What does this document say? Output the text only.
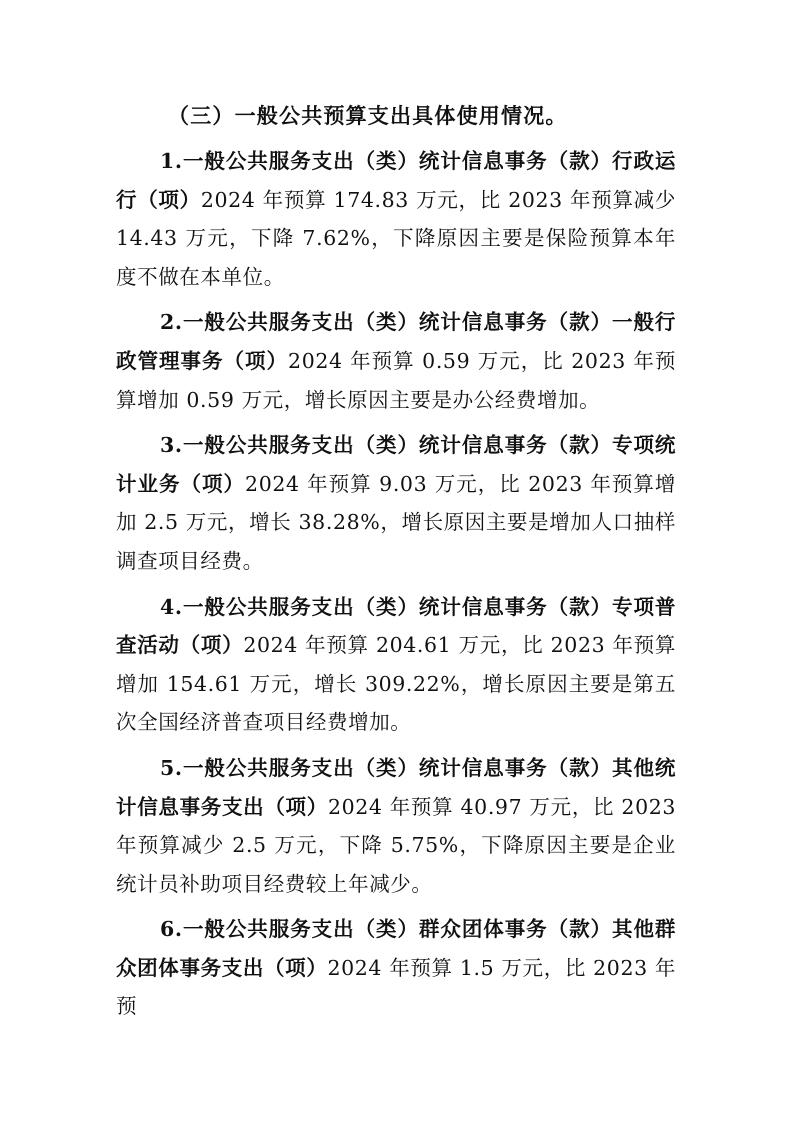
（三）一般公共预算支出具体使用情况。

1.一般公共服务支出（类）统计信息事务（款）行政运行（项）2024 年预算 174.83 万元，比 2023 年预算减少 14.43 万元，下降 7.62%，下降原因主要是保险预算本年度不做在本单位。

2.一般公共服务支出（类）统计信息事务（款）一般行政管理事务（项）2024 年预算 0.59 万元，比 2023 年预算增加 0.59 万元，增长原因主要是办公经费增加。

3.一般公共服务支出（类）统计信息事务（款）专项统计业务（项）2024 年预算 9.03 万元，比 2023 年预算增加 2.5 万元，增长 38.28%，增长原因主要是增加人口抽样调查项目经费。

4.一般公共服务支出（类）统计信息事务（款）专项普查活动（项）2024 年预算 204.61 万元，比 2023 年预算增加 154.61 万元，增长 309.22%，增长原因主要是第五次全国经济普查项目经费增加。

5.一般公共服务支出（类）统计信息事务（款）其他统计信息事务支出（项）2024 年预算 40.97 万元，比 2023 年预算减少 2.5 万元，下降 5.75%，下降原因主要是企业统计员补助项目经费较上年减少。

6.一般公共服务支出（类）群众团体事务（款）其他群众团体事务支出（项）2024 年预算 1.5 万元，比 2023 年预
